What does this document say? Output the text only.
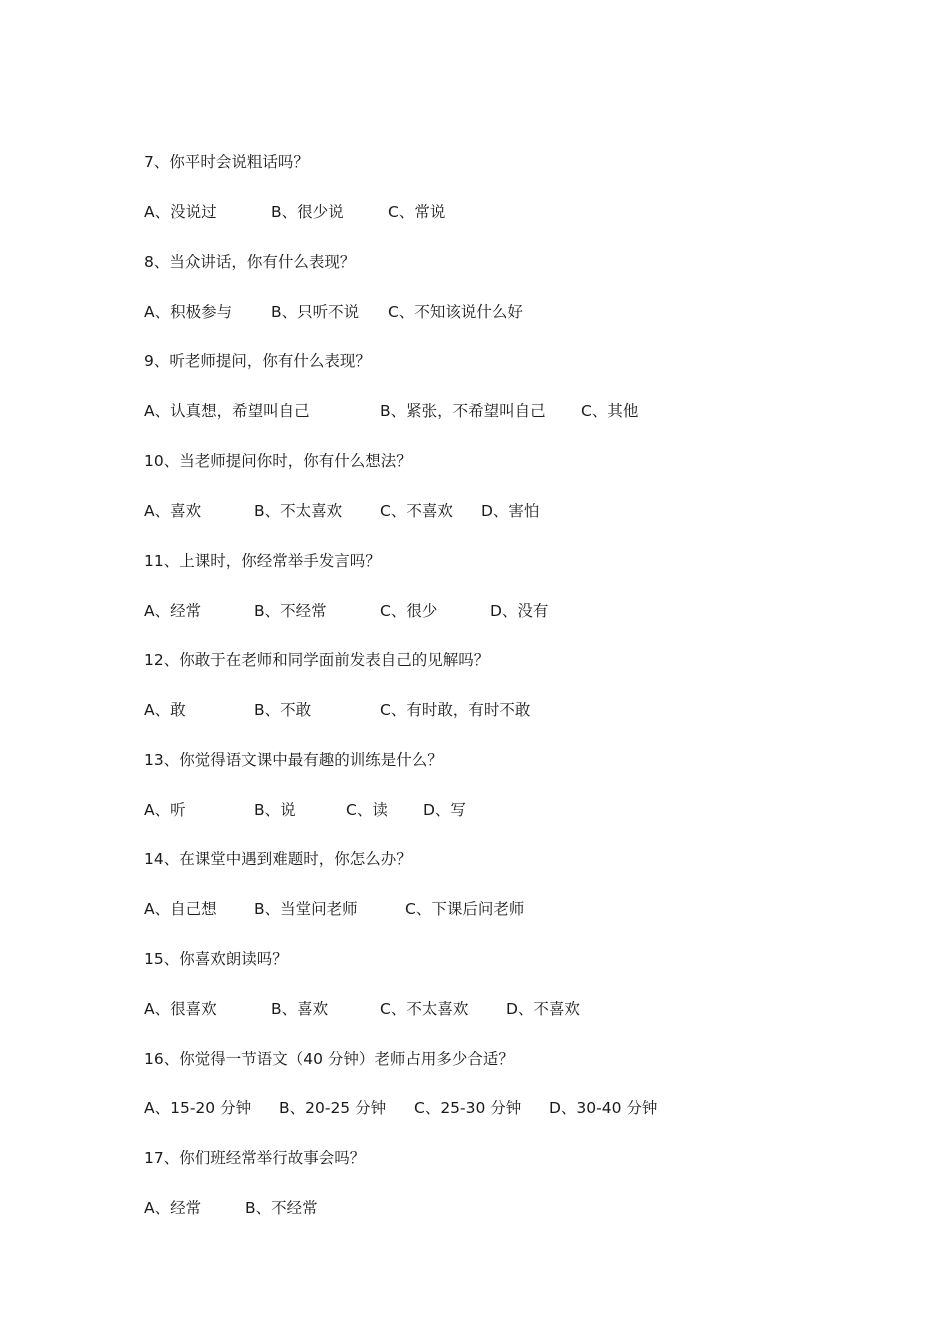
7、你平时会说粗话吗？
A、没说过	B、很少说	C、常说
8、当众讲话，你有什么表现？
A、积极参与	B、只听不说 C、不知该说什么好
9、听老师提问，你有什么表现？
A、认真想，希望叫自己	B、紧张，不希望叫自己 C、其他
10、当老师提问你时，你有什么想法？
A、喜欢	B、不太喜欢 C、不喜欢 D、害怕
11、上课时，你经常举手发言吗？
A、经常	B、不经常	C、很少	D、没有
12、你敢于在老师和同学面前发表自己的见解吗？
A、敢	B、不敢	C、有时敢，有时不敢
13、你觉得语文课中最有趣的训练是什么？
A、听	B、说	C、读 D、写
14、在课堂中遇到难题时，你怎么办？
A、自己想 B、当堂问老师	C、下课后问老师
15、你喜欢朗读吗？
A、很喜欢	B、喜欢	C、不太喜欢 D、不喜欢
16、你觉得一节语文（40 分钟）老师占用多少合适？
A、15-20 分钟 B、20-25 分钟 C、25-30 分钟 D、30-40 分钟
17、你们班经常举行故事会吗？
A、经常	B、不经常
